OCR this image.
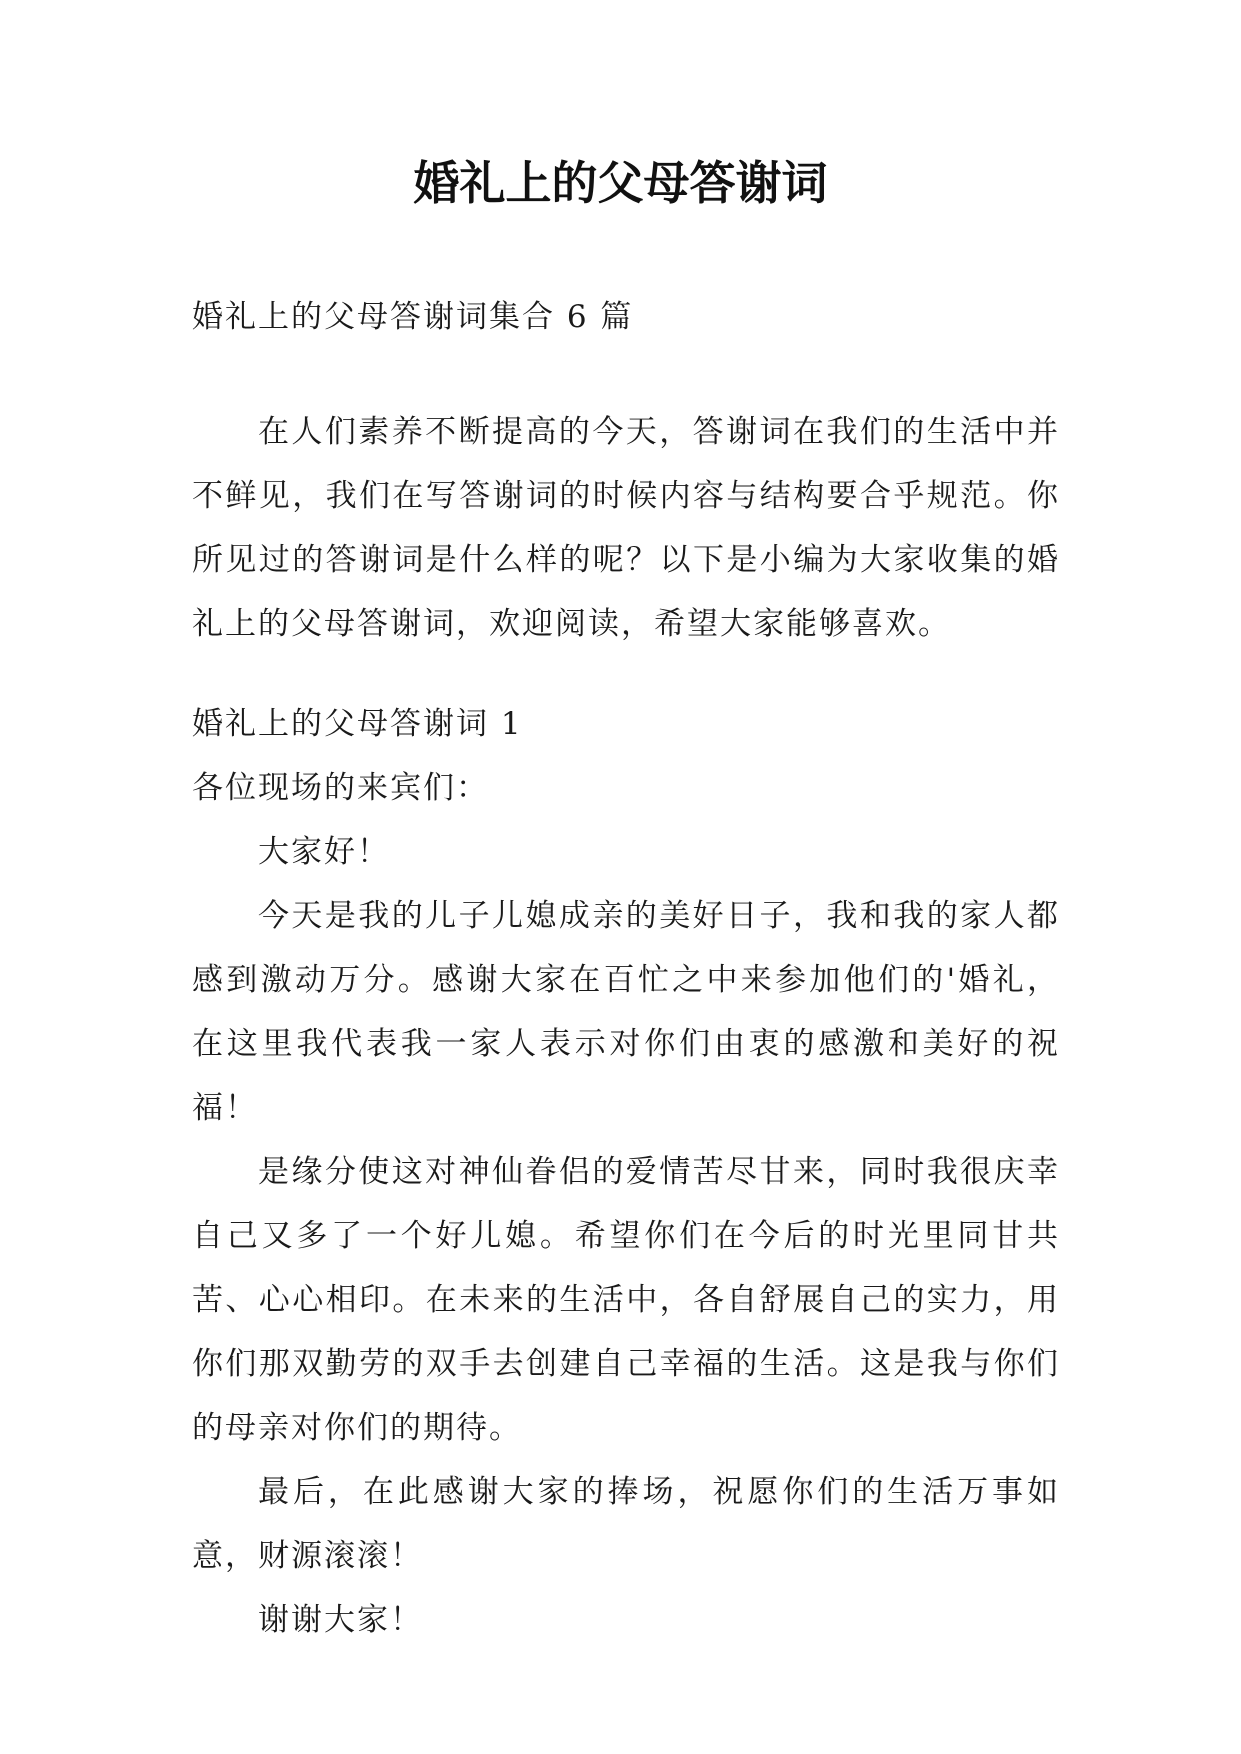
婚礼上的父母答谢词

婚礼上的父母答谢词集合 6 篇

在人们素养不断提高的今天，答谢词在我们的生活中并不鲜见，我们在写答谢词的时候内容与结构要合乎规范。你所见过的答谢词是什么样的呢？以下是小编为大家收集的婚礼上的父母答谢词，欢迎阅读，希望大家能够喜欢。

婚礼上的父母答谢词 1

各位现场的来宾们：

大家好！

今天是我的儿子儿媳成亲的美好日子，我和我的家人都感到激动万分。感谢大家在百忙之中来参加他们的'婚礼，在这里我代表我一家人表示对你们由衷的感激和美好的祝福！

是缘分使这对神仙眷侣的爱情苦尽甘来，同时我很庆幸自己又多了一个好儿媳。希望你们在今后的时光里同甘共苦、心心相印。在未来的生活中，各自舒展自己的实力，用你们那双勤劳的双手去创建自己幸福的生活。这是我与你们的母亲对你们的期待。

最后，在此感谢大家的捧场，祝愿你们的生活万事如意，财源滚滚！

谢谢大家！
